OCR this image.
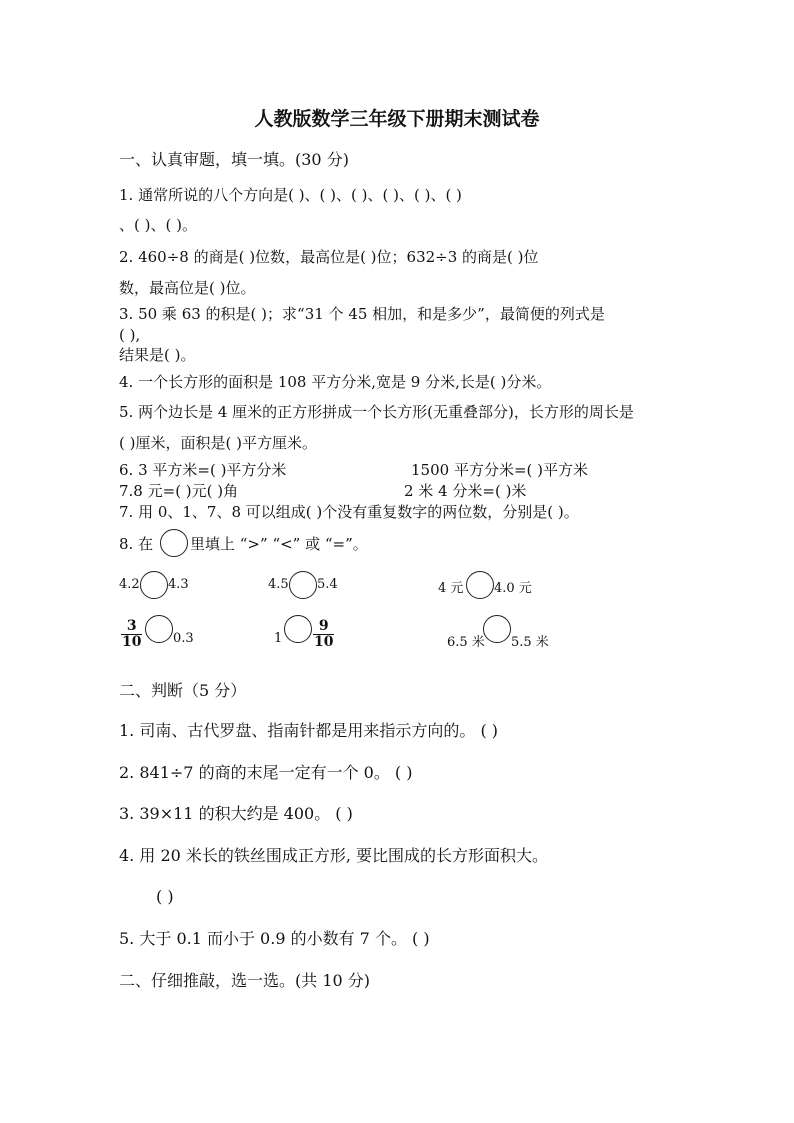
人教版数学三年级下册期末测试卷
一、认真审题，填一填。(30 分)
1. 通常所说的八个方向是( )、( )、( )、( )、( )、( )
、( )、( )。
2. 460÷8 的商是( )位数，最高位是( )位；632÷3 的商是( )位
数，最高位是( )位。
3. 50 乘 63 的积是( )；求“31 个 45 相加，和是多少”，最简便的列式是
( ),
结果是( )。
4. 一个长方形的面积是 108 平方分米,宽是 9 分米,长是( )分米。
5. 两个边长是 4 厘米的正方形拼成一个长方形(无重叠部分)，长方形的周长是
( )厘米，面积是( )平方厘米。
6. 3 平方米=( )平方分米	1500 平方分米=( )平方米
7.8 元=( )元( )角	2 米 4 分米=( )米
7. 用 0、1、7、8 可以组成( )个没有重复数字的两位数，分别是( )。
8. 在 里填上 “>” “<” 或 “=”。
4.2 4.3	4.5 5.4	4 元 4.0 元
$\frac{3}{10} 0.3$	$1 \frac{9}{10}$	6.5 米 5.5 米
二、判断（5 分）
1. 司南、古代罗盘、指南针都是用来指示方向的。 ( )
2. 841÷7 的商的末尾一定有一个 0。 ( )
3. 39×11 的积大约是 400。 ( )
4. 用 20 米长的铁丝围成正方形, 要比围成的长方形面积大。
( )
5. 大于 0.1 而小于 0.9 的小数有 7 个。 ( )
二、仔细推敲，选一选。(共 10 分)
